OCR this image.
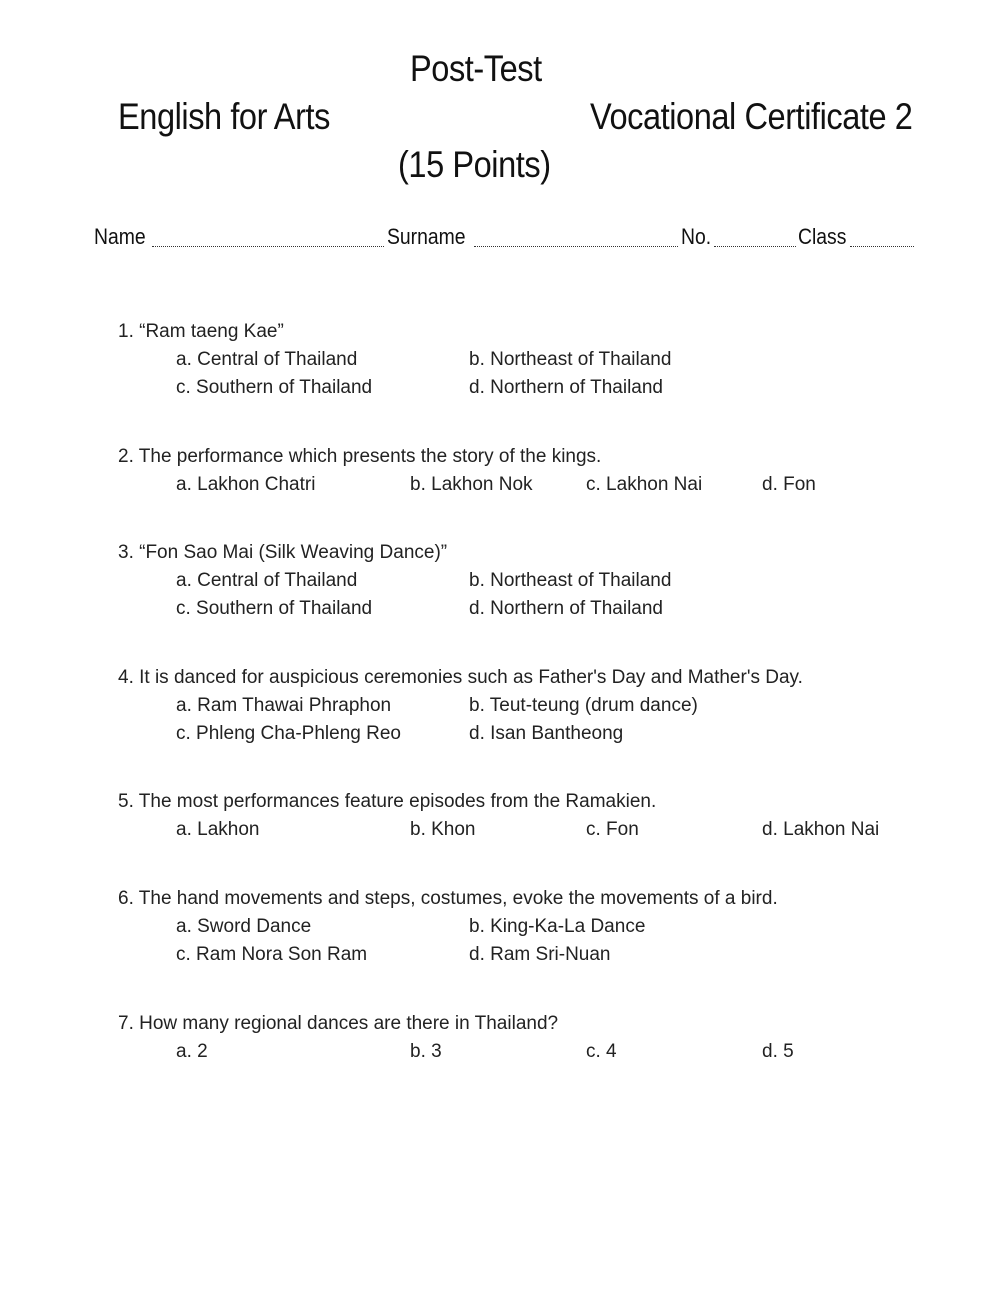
Post-Test
English for Arts	Vocational Certificate 2
(15 Points)
Name	Surname	No.	Class
1. “Ram taeng Kae”
a. Central of Thailand	b. Northeast of Thailand
c. Southern of Thailand	d. Northern of Thailand
2. The performance which presents the story of the kings.
a. Lakhon Chatri	b. Lakhon Nok	c. Lakhon Nai	d. Fon
3. “Fon Sao Mai (Silk Weaving Dance)”
a. Central of Thailand	b. Northeast of Thailand
c. Southern of Thailand	d. Northern of Thailand
4. It is danced for auspicious ceremonies such as Father's Day and Mather's Day.
a. Ram Thawai Phraphon	b. Teut-teung (drum dance)
c. Phleng Cha-Phleng Reo	d. Isan Bantheong
5. The most performances feature episodes from the Ramakien.
a. Lakhon	b. Khon	c. Fon	d. Lakhon Nai
6. The hand movements and steps, costumes, evoke the movements of a bird.
a. Sword Dance	b. King-Ka-La Dance
c. Ram Nora Son Ram	d. Ram Sri-Nuan
7. How many regional dances are there in Thailand?
a. 2	b. 3	c. 4	d. 5
